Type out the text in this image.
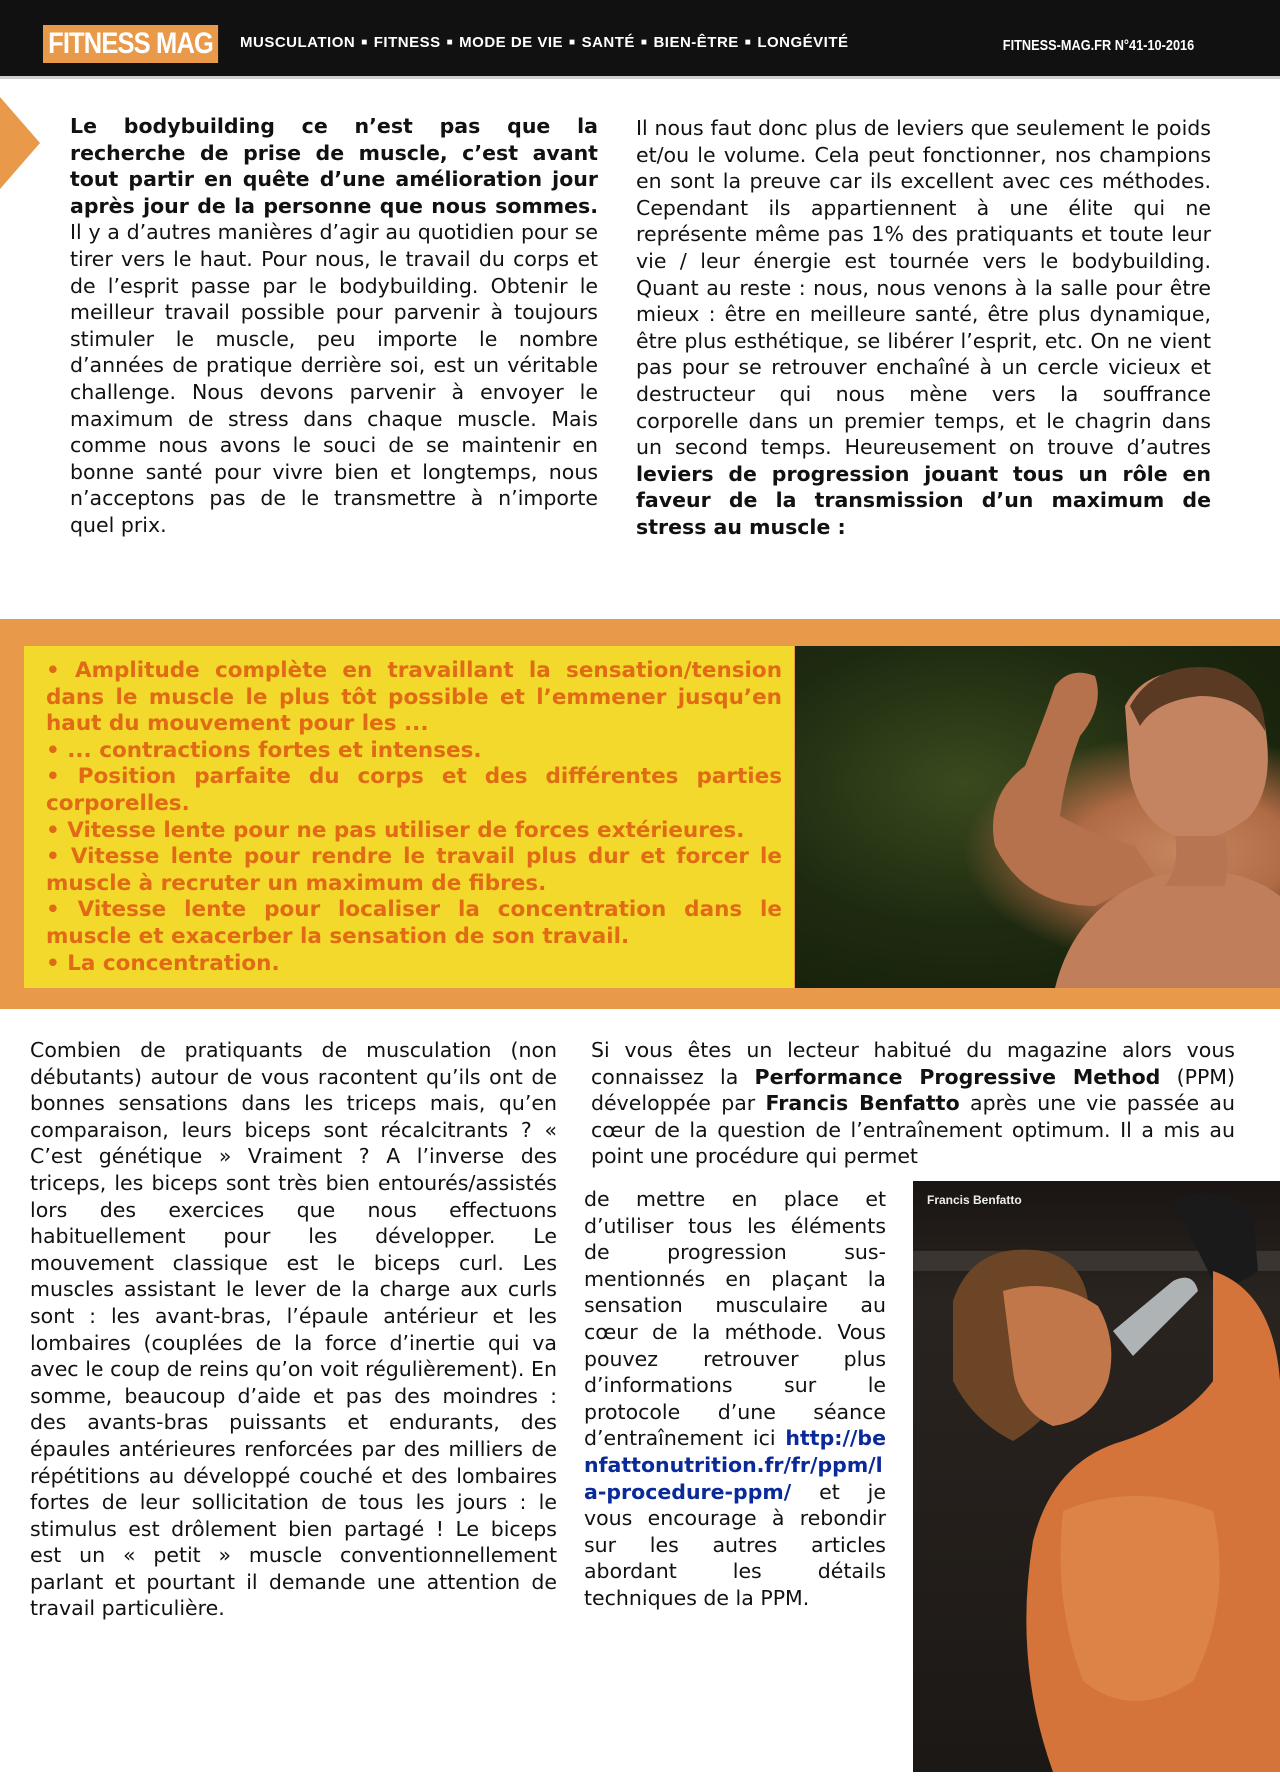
FITNESS MAG	MUSCULATION ■ FITNESS ■ MODE DE VIE ■ SANTÉ ■ BIEN-ÊTRE ■ LONGÉVITÉ	FITNESS-MAG.FR N°41-10-2016
Le bodybuilding ce n’est pas que la recherche de prise de muscle, c’est avant tout partir en quête d’une amélioration jour après jour de la personne que nous sommes. Il y a d’autres manières d’agir au quotidien pour se tirer vers le haut. Pour nous, le travail du corps et de l’esprit passe par le bodybuilding. Obtenir le meilleur travail possible pour parvenir à toujours stimuler le muscle, peu importe le nombre d’années de pratique derrière soi, est un véritable challenge. Nous devons parvenir à envoyer le maximum de stress dans chaque muscle. Mais comme nous avons le souci de se maintenir en bonne santé pour vivre bien et longtemps, nous n’acceptons pas de le transmettre à n’importe quel prix.
Il nous faut donc plus de leviers que seulement le poids et/ou le volume. Cela peut fonctionner, nos champions en sont la preuve car ils excellent avec ces méthodes. Cependant ils appartiennent à une élite qui ne représente même pas 1% des pratiquants et toute leur vie / leur énergie est tournée vers le bodybuilding. Quant au reste : nous, nous venons à la salle pour être mieux : être en meilleure santé, être plus dynamique, être plus esthétique, se libérer l’esprit, etc. On ne vient pas pour se retrouver enchaîné à un cercle vicieux et destructeur qui nous mène vers la souffrance corporelle dans un premier temps, et le chagrin dans un second temps. Heureusement on trouve d’autres leviers de progression jouant tous un rôle en faveur de la transmission d’un maximum de stress au muscle :
• Amplitude complète en travaillant la sensation/tension dans le muscle le plus tôt possible et l’emmener jusqu’en haut du mouvement pour les ...
• ... contractions fortes et intenses.
• Position parfaite du corps et des différentes parties corporelles.
• Vitesse lente pour ne pas utiliser de forces extérieures.
• Vitesse lente pour rendre le travail plus dur et forcer le muscle à recruter un maximum de fibres.
• Vitesse lente pour localiser la concentration dans le muscle et exacerber la sensation de son travail.
• La concentration.
Combien de pratiquants de musculation (non débutants) autour de vous racontent qu’ils ont de bonnes sensations dans les triceps mais, qu’en comparaison, leurs biceps sont récalcitrants ? « C’est génétique » Vraiment ? A l’inverse des triceps, les biceps sont très bien entourés/assistés lors des exercices que nous effectuons habituellement pour les développer. Le mouvement classique est le biceps curl. Les muscles assistant le lever de la charge aux curls sont : les avant-bras, l’épaule antérieur et les lombaires (couplées de la force d’inertie qui va avec le coup de reins qu’on voit régulièrement). En somme, beaucoup d’aide et pas des moindres : des avants-bras puissants et endurants, des épaules antérieures renforcées par des milliers de répétitions au développé couché et des lombaires fortes de leur sollicitation de tous les jours : le stimulus est drôlement bien partagé ! Le biceps est un « petit » muscle conventionnellement parlant et pourtant il demande une attention de travail particulière.
Si vous êtes un lecteur habitué du magazine alors vous connaissez la Performance Progressive Method (PPM) développée par Francis Benfatto après une vie passée au cœur de la question de l’entraînement optimum. Il a mis au point une procédure qui permet
de mettre en place et d’utiliser tous les éléments de progression sus-mentionnés en plaçant la sensation musculaire au cœur de la méthode. Vous pouvez retrouver plus d’informations sur le protocole d’une séance d’entraînement ici http://benfattonutrition.fr/fr/ppm/la-procedure-ppm/ et je vous encourage à rebondir sur les autres articles abordant les détails techniques de la PPM.
Francis Benfatto
